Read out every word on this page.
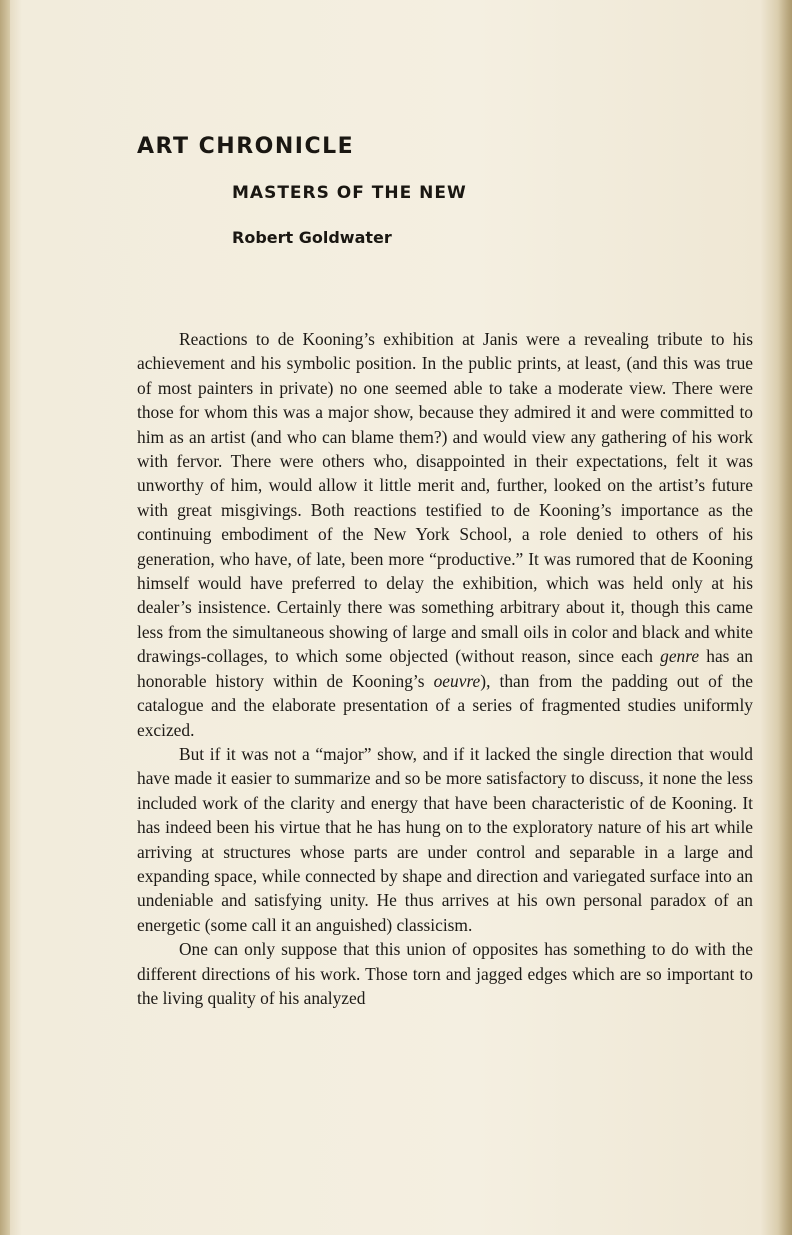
ART CHRONICLE
MASTERS OF THE NEW
Robert Goldwater

Reactions to de Kooning’s exhibition at Janis were a revealing tribute to his achievement and his symbolic position. In the public prints, at least, (and this was true of most painters in private) no one seemed able to take a moderate view. There were those for whom this was a major show, because they admired it and were committed to him as an artist (and who can blame them?) and would view any gathering of his work with fervor. There were others who, disappointed in their expectations, felt it was unworthy of him, would allow it little merit and, further, looked on the artist’s future with great misgivings. Both reactions testified to de Kooning’s importance as the continuing embodiment of the New York School, a role denied to others of his generation, who have, of late, been more “productive.” It was rumored that de Kooning himself would have preferred to delay the exhibition, which was held only at his dealer’s insistence. Certainly there was something arbitrary about it, though this came less from the simultaneous showing of large and small oils in color and black and white drawings-collages, to which some objected (without reason, since each genre has an honorable history within de Kooning’s oeuvre), than from the padding out of the catalogue and the elaborate presentation of a series of fragmented studies uniformly excized.

But if it was not a “major” show, and if it lacked the single direction that would have made it easier to summarize and so be more satisfactory to discuss, it none the less included work of the clarity and energy that have been characteristic of de Kooning. It has indeed been his virtue that he has hung on to the exploratory nature of his art while arriving at structures whose parts are under control and separable in a large and expanding space, while connected by shape and direction and variegated surface into an undeniable and satisfying unity. He thus arrives at his own personal paradox of an energetic (some call it an anguished) classicism.

One can only suppose that this union of opposites has something to do with the different directions of his work. Those torn and jagged edges which are so important to the living quality of his analyzed
